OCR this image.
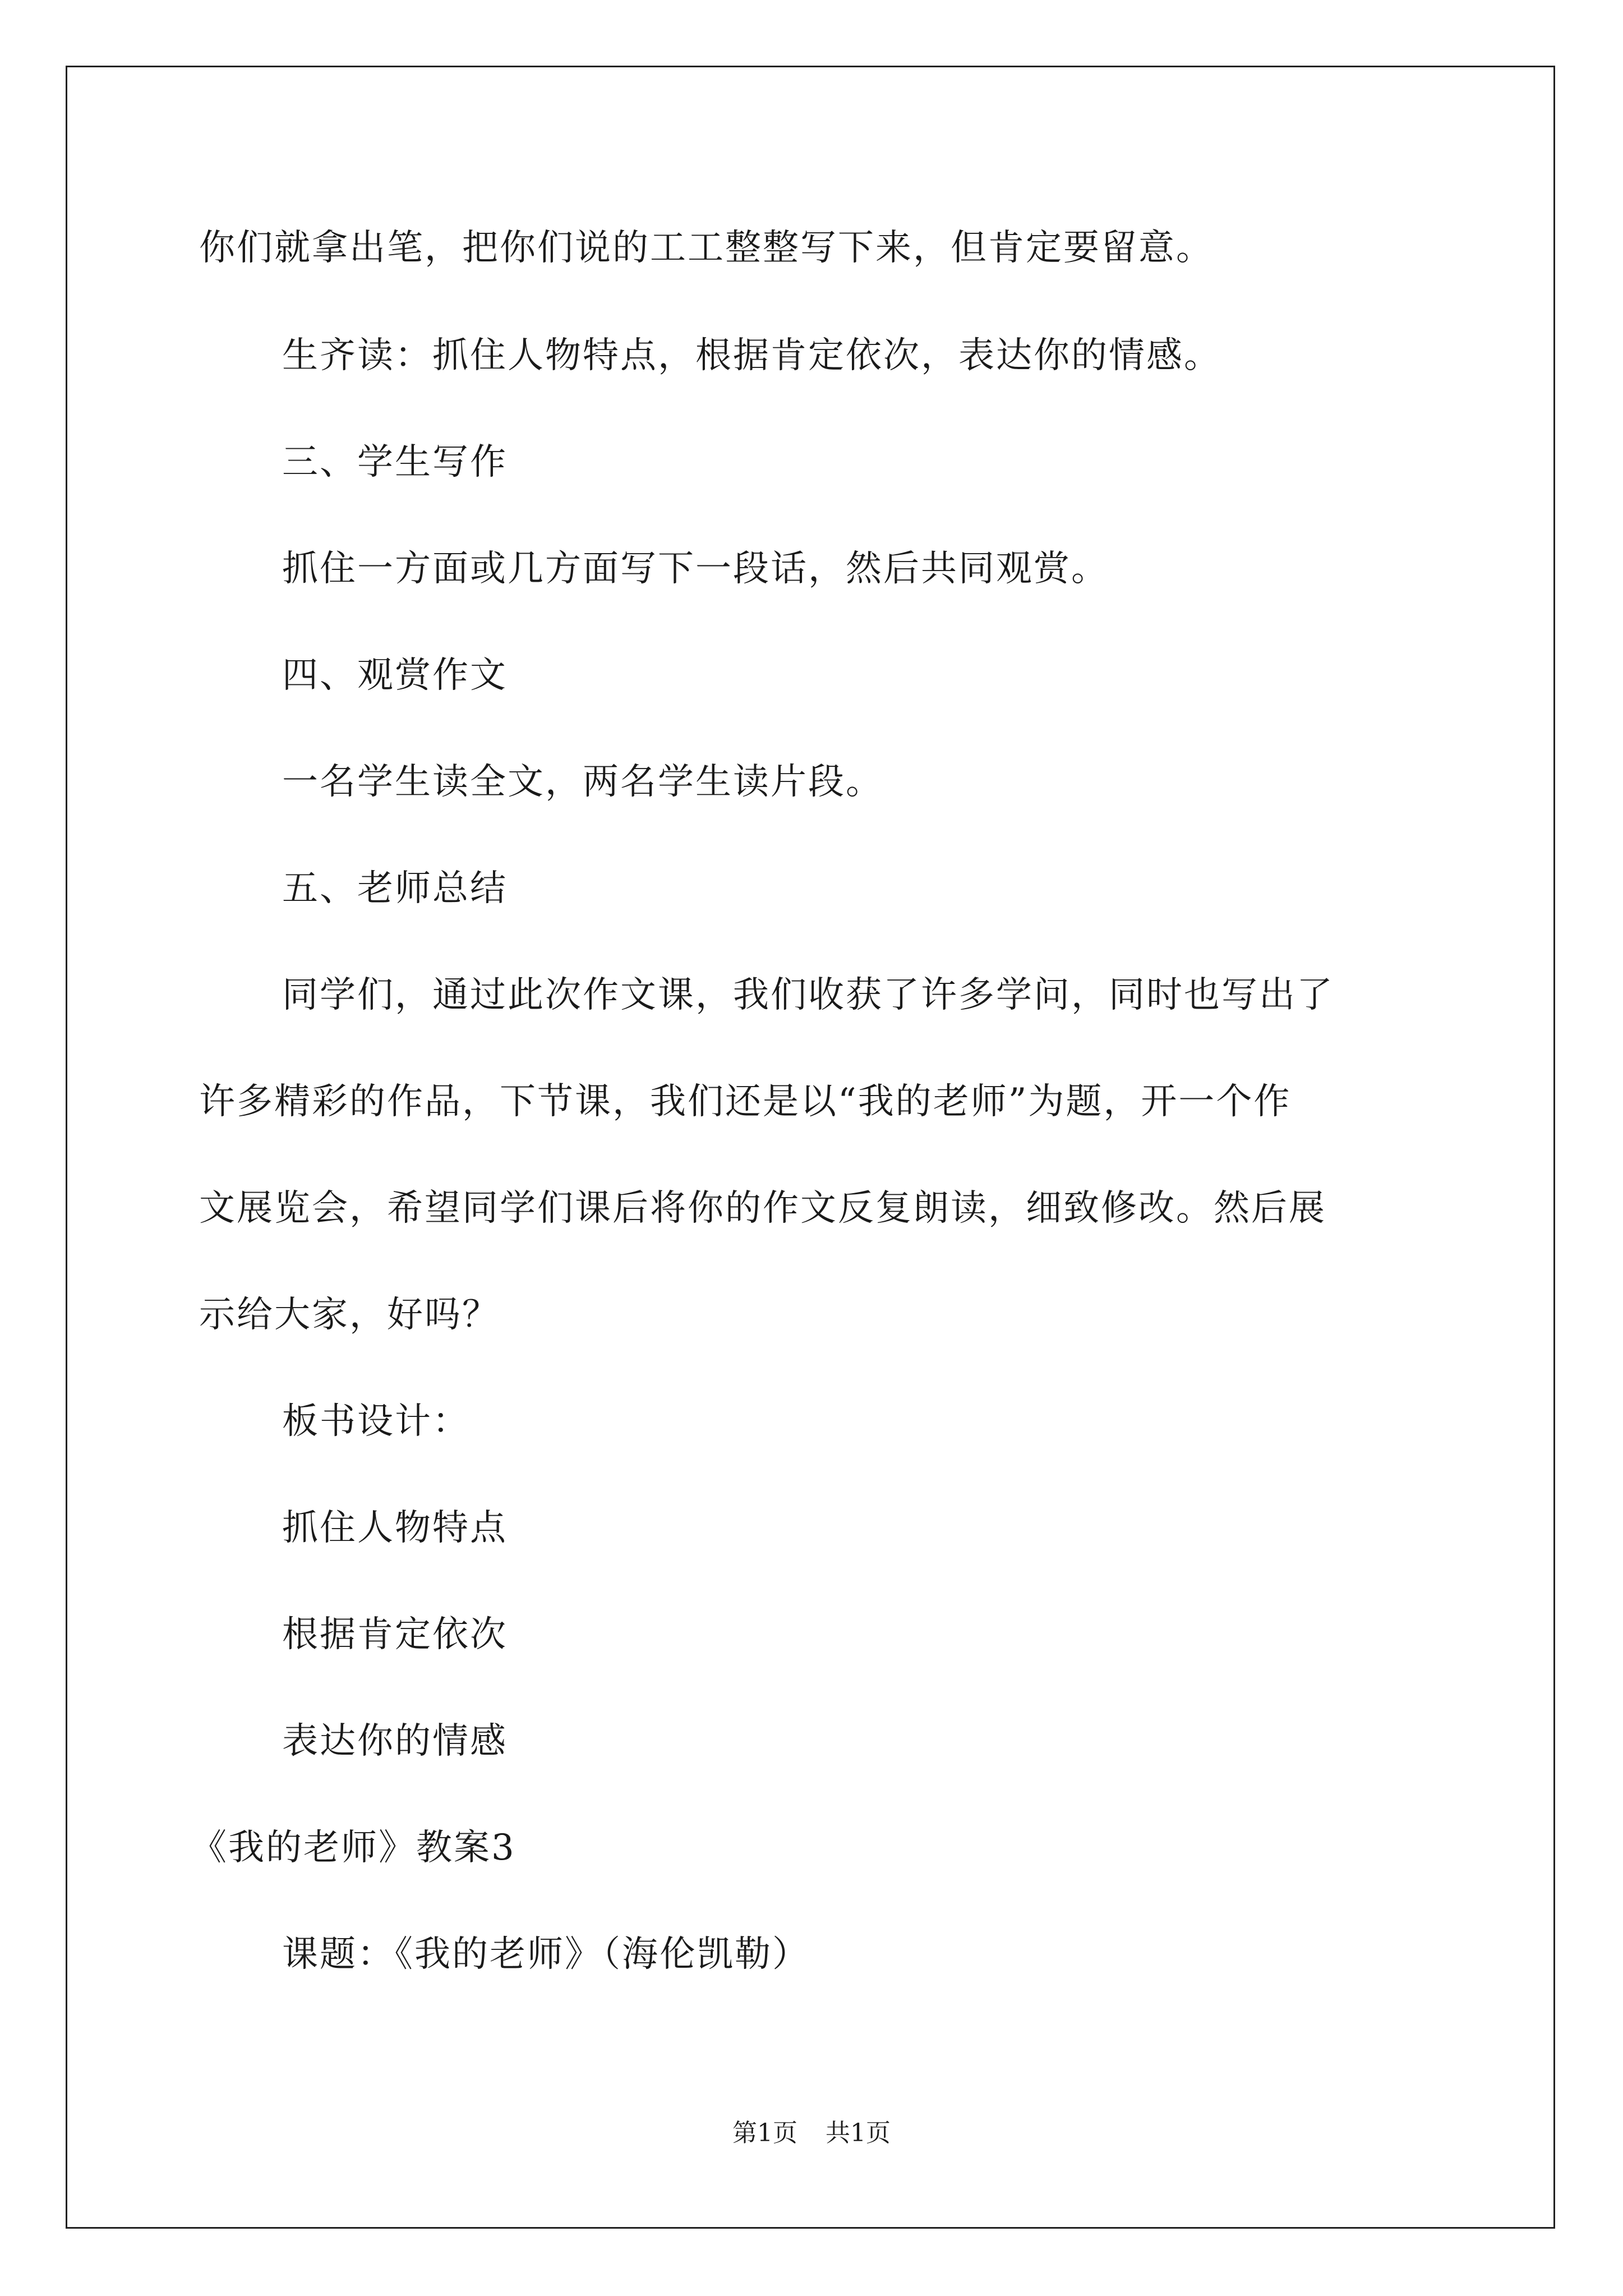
你们就拿出笔，把你们说的工工整整写下来，但肯定要留意。
生齐读：抓住人物特点，根据肯定依次，表达你的情感。
三、学生写作
抓住一方面或几方面写下一段话，然后共同观赏。
四、观赏作文
一名学生读全文，两名学生读片段。
五、老师总结
同学们，通过此次作文课，我们收获了许多学问，同时也写出了
许多精彩的作品，下节课，我们还是以“我的老师”为题，开一个作
文展览会，希望同学们课后将你的作文反复朗读，细致修改。然后展
示给大家，好吗？
板书设计：
抓住人物特点
根据肯定依次
表达你的情感
《我的老师》教案3
课题：《我的老师》（海伦凯勒）
第1页 共1页
